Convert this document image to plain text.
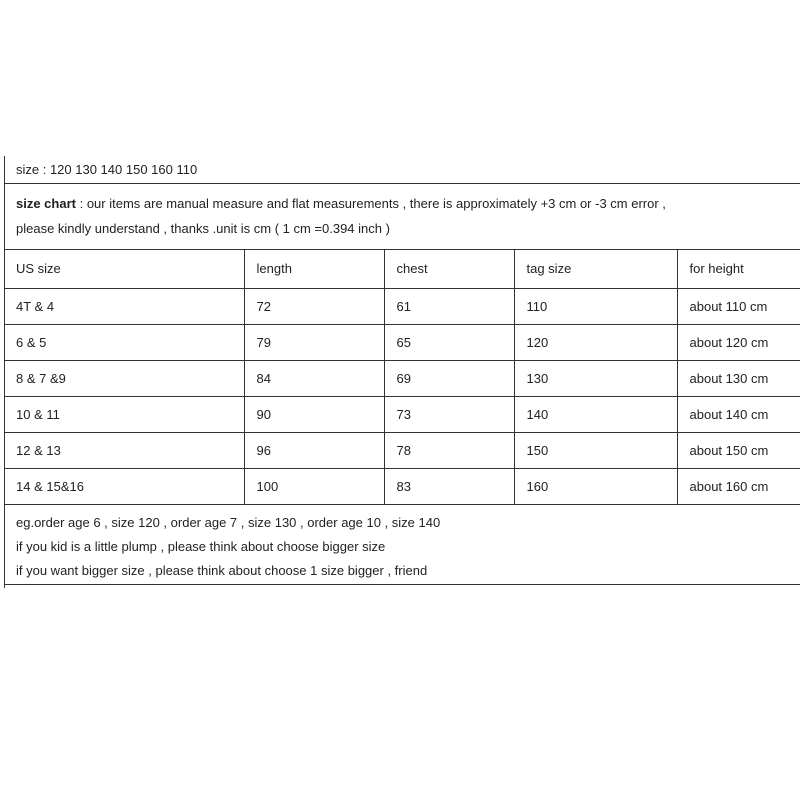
size : 120 130 140 150 160 110
size chart : our items are manual measure and flat measurements , there is approximately +3 cm or -3 cm error ,
please kindly understand , thanks .unit is cm ( 1 cm =0.394 inch )
US size	length	chest	tag size	for height
4T & 4	72	61	110	about 110 cm
6 & 5	79	65	120	about 120 cm
8 & 7 &9	84	69	130	about 130 cm
10 & 11	90	73	140	about 140 cm
12 & 13	96	78	150	about 150 cm
14 & 15&16	100	83	160	about 160 cm
eg.order age 6 , size 120 , order age 7 , size 130 , order age 10 , size 140
if you kid is a little plump , please think about choose bigger size
if you want bigger size , please think about choose 1 size bigger , friend
